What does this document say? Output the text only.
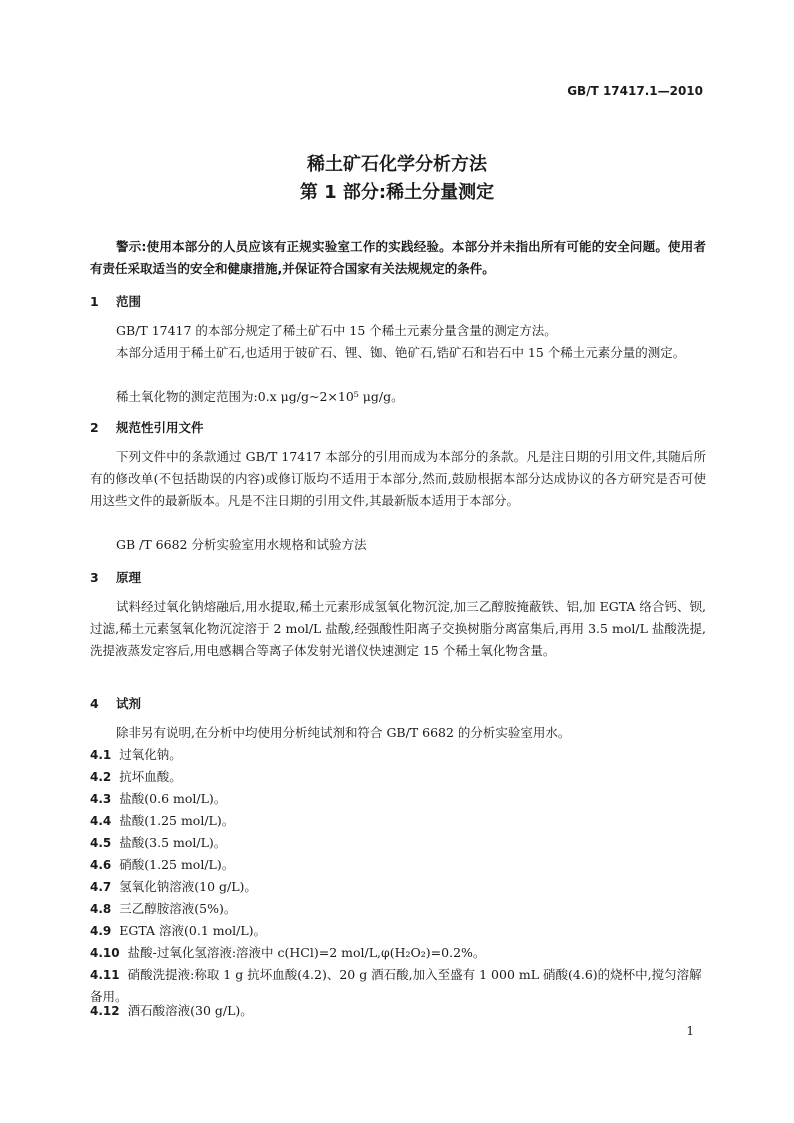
GB/T 17417.1—2010
稀土矿石化学分析方法
第 1 部分:稀土分量测定
警示:使用本部分的人员应该有正规实验室工作的实践经验。本部分并未指出所有可能的安全问题。使用者有责任采取适当的安全和健康措施,并保证符合国家有关法规规定的条件。
1 范围
GB/T 17417 的本部分规定了稀土矿石中 15 个稀土元素分量含量的测定方法。
本部分适用于稀土矿石,也适用于铍矿石、锂、铷、铯矿石,锆矿石和岩石中 15 个稀土元素分量的测定。
稀土氧化物的测定范围为:0.x μg/g~2×10⁵ μg/g。
2 规范性引用文件
下列文件中的条款通过 GB/T 17417 本部分的引用而成为本部分的条款。凡是注日期的引用文件,其随后所有的修改单(不包括勘误的内容)或修订版均不适用于本部分,然而,鼓励根据本部分达成协议的各方研究是否可使用这些文件的最新版本。凡是不注日期的引用文件,其最新版本适用于本部分。
GB /T 6682 分析实验室用水规格和试验方法
3 原理
试料经过氧化钠熔融后,用水提取,稀土元素形成氢氧化物沉淀,加三乙醇胺掩蔽铁、铝,加 EGTA 络合钙、钡,过滤,稀土元素氢氧化物沉淀溶于 2 mol/L 盐酸,经强酸性阳离子交换树脂分离富集后,再用 3.5 mol/L 盐酸洗提,洗提液蒸发定容后,用电感耦合等离子体发射光谱仪快速测定 15 个稀土氧化物含量。
4 试剂
除非另有说明,在分析中均使用分析纯试剂和符合 GB/T 6682 的分析实验室用水。
4.1 过氧化钠。
4.2 抗坏血酸。
4.3 盐酸(0.6 mol/L)。
4.4 盐酸(1.25 mol/L)。
4.5 盐酸(3.5 mol/L)。
4.6 硝酸(1.25 mol/L)。
4.7 氢氧化钠溶液(10 g/L)。
4.8 三乙醇胺溶液(5%)。
4.9 EGTA 溶液(0.1 mol/L)。
4.10 盐酸-过氧化氢溶液:溶液中 c(HCl)=2 mol/L,φ(H₂O₂)=0.2%。
4.11 硝酸洗提液:称取 1 g 抗坏血酸(4.2)、20 g 酒石酸,加入至盛有 1 000 mL 硝酸(4.6)的烧杯中,搅匀溶解备用。
4.12 酒石酸溶液(30 g/L)。
1
